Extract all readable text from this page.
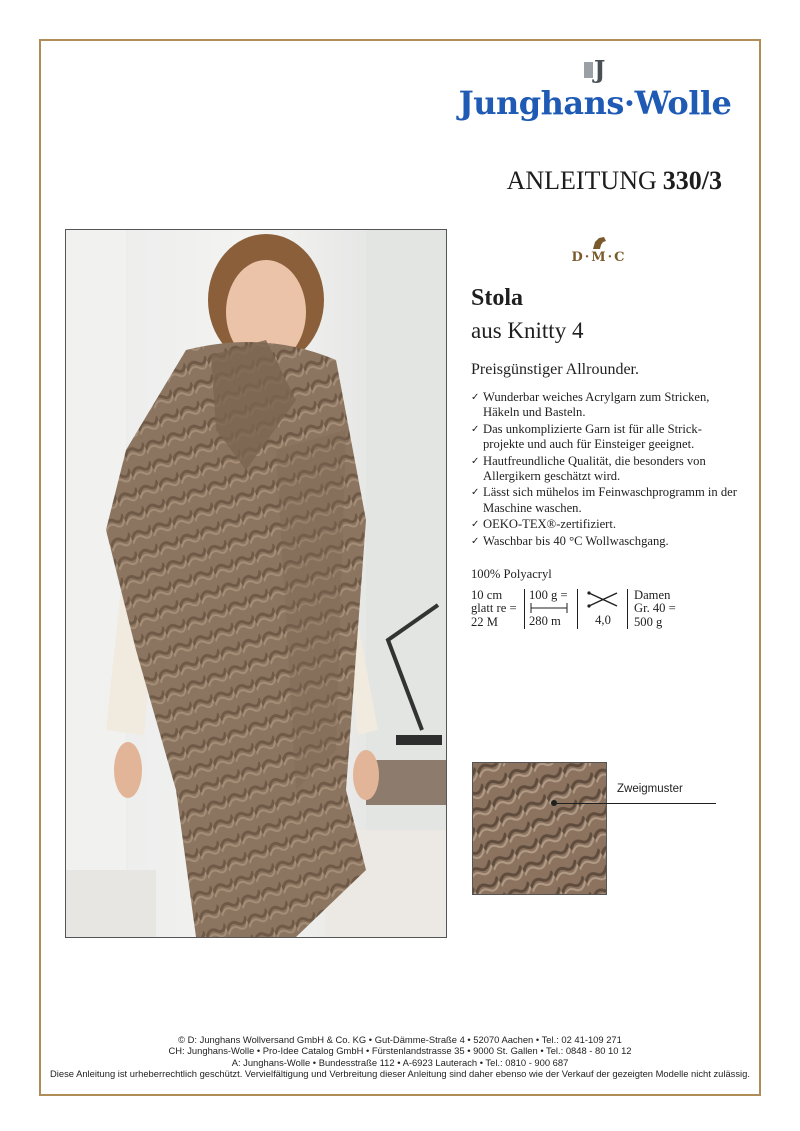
J
Junghans·Wolle
ANLEITUNG 330/3
D·M·C
Stola
aus Knitty 4
Preisgünstiger Allrounder.
✓ Wunderbar weiches Acrylgarn zum Stricken, Häkeln und Basteln.
✓ Das unkomplizierte Garn ist für alle Strick-projekte und auch für Einsteiger geeignet.
✓ Hautfreundliche Qualität, die besonders von Allergikern geschätzt wird.
✓ Lässt sich mühelos im Feinwaschprogramm in der Maschine waschen.
✓ OEKO-TEX®-zertifiziert.
✓ Waschbar bis 40 °C Wollwaschgang.
100% Polyacryl
10 cm
glatt re =
22 M
100 g =
280 m	4,0
Damen
Gr. 40 =
500 g
Zweigmuster
© D: Junghans Wollversand GmbH & Co. KG • Gut-Dämme-Straße 4 • 52070 Aachen • Tel.: 02 41-109 271
CH: Junghans-Wolle • Pro-Idee Catalog GmbH • Fürstenlandstrasse 35 • 9000 St. Gallen • Tel.: 0848 - 80 10 12
A: Junghans-Wolle • Bundesstraße 112 • A-6923 Lauterach • Tel.: 0810 - 900 687
Diese Anleitung ist urheberrechtlich geschützt. Vervielfältigung und Verbreitung dieser Anleitung sind daher ebenso wie der Verkauf der gezeigten Modelle nicht zulässig.
